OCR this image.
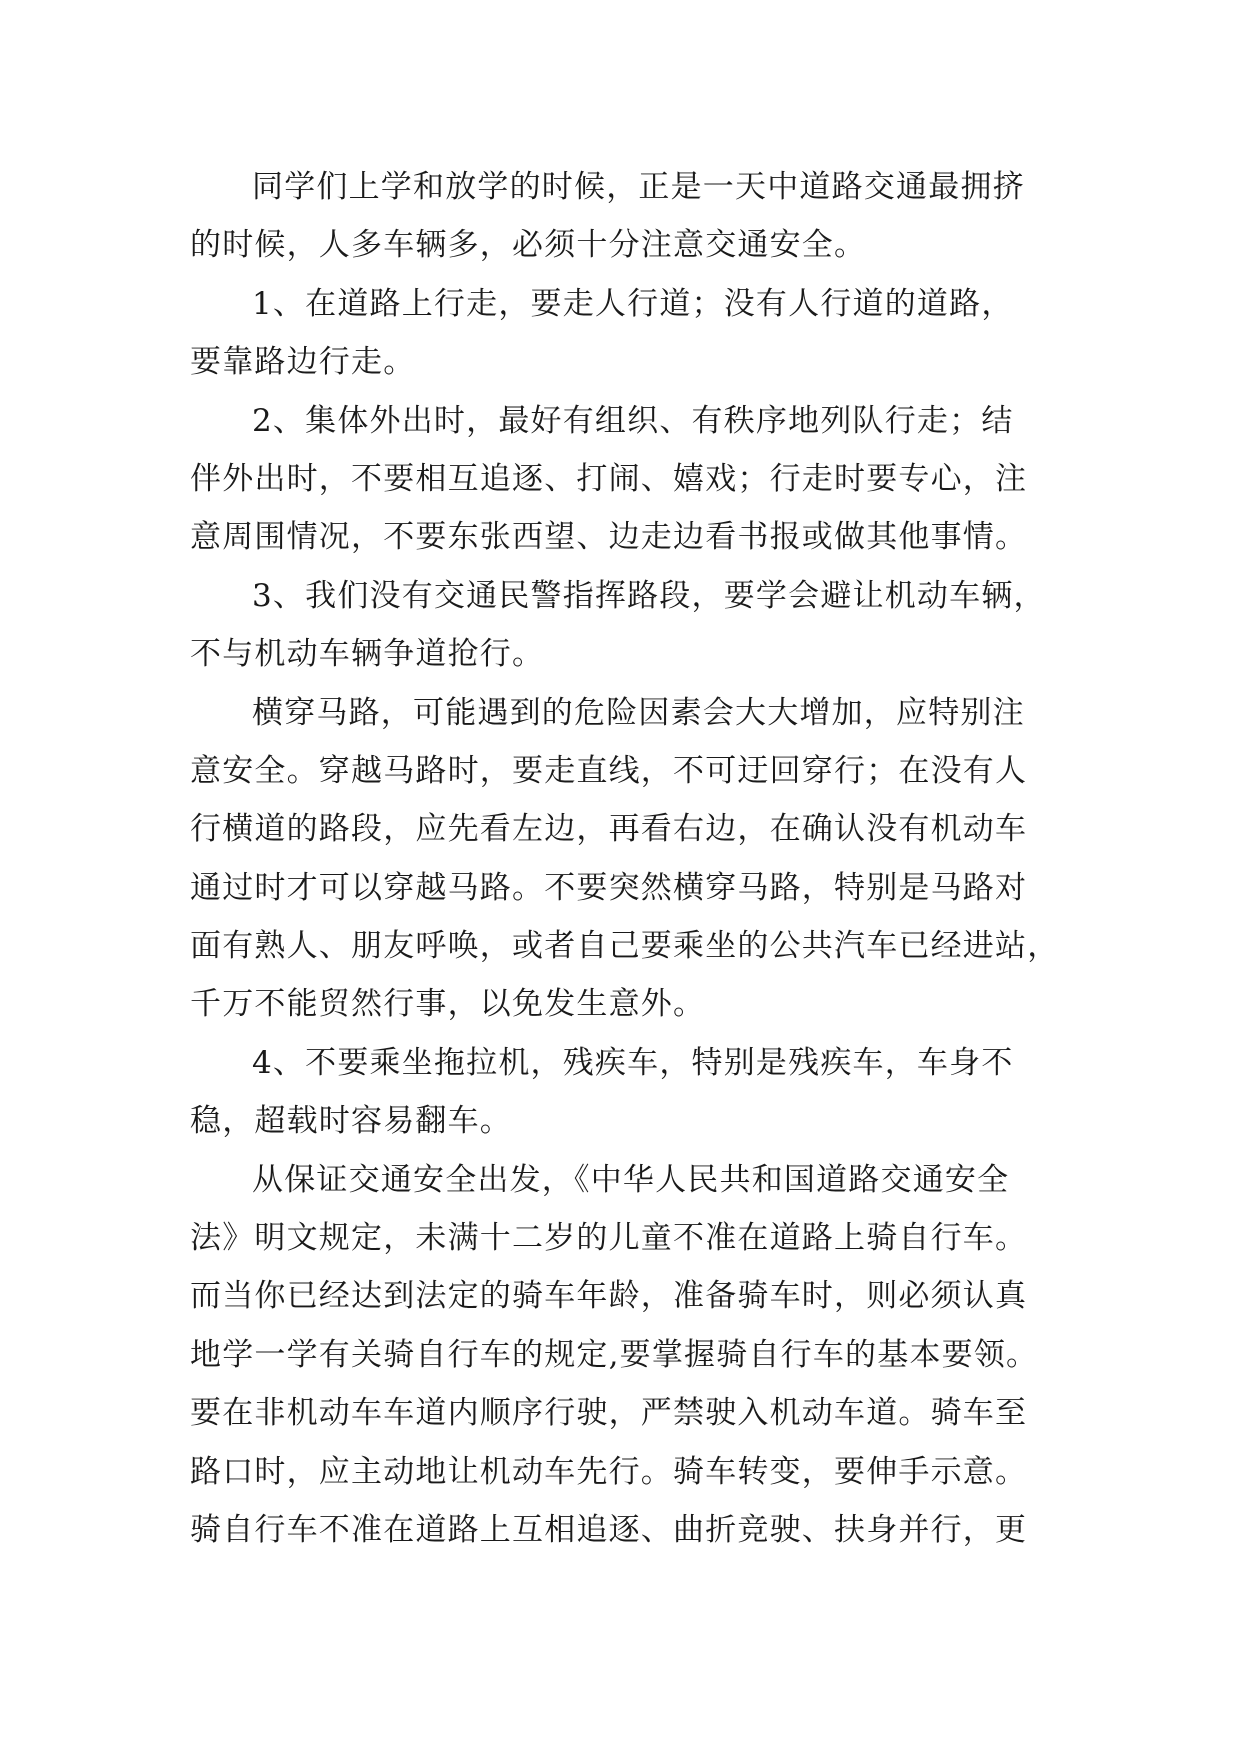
同学们上学和放学的时候，正是一天中道路交通最拥挤
的时候，人多车辆多，必须十分注意交通安全。
1、在道路上行走，要走人行道；没有人行道的道路，
要靠路边行走。
2、集体外出时，最好有组织、有秩序地列队行走；结
伴外出时，不要相互追逐、打闹、嬉戏；行走时要专心，注
意周围情况，不要东张西望、边走边看书报或做其他事情。
3、我们没有交通民警指挥路段，要学会避让机动车辆，
不与机动车辆争道抢行。
横穿马路，可能遇到的危险因素会大大增加，应特别注
意安全。穿越马路时，要走直线，不可迂回穿行；在没有人
行横道的路段，应先看左边，再看右边，在确认没有机动车
通过时才可以穿越马路。不要突然横穿马路，特别是马路对
面有熟人、朋友呼唤，或者自己要乘坐的公共汽车已经进站，
千万不能贸然行事，以免发生意外。
4、不要乘坐拖拉机，残疾车，特别是残疾车，车身不
稳，超载时容易翻车。
从保证交通安全出发，《中华人民共和国道路交通安全
法》明文规定，未满十二岁的儿童不准在道路上骑自行车。
而当你已经达到法定的骑车年龄，准备骑车时，则必须认真
地学一学有关骑自行车的规定,要掌握骑自行车的基本要领。
要在非机动车车道内顺序行驶，严禁驶入机动车道。骑车至
路口时，应主动地让机动车先行。骑车转变，要伸手示意。
骑自行车不准在道路上互相追逐、曲折竞驶、扶身并行，更
